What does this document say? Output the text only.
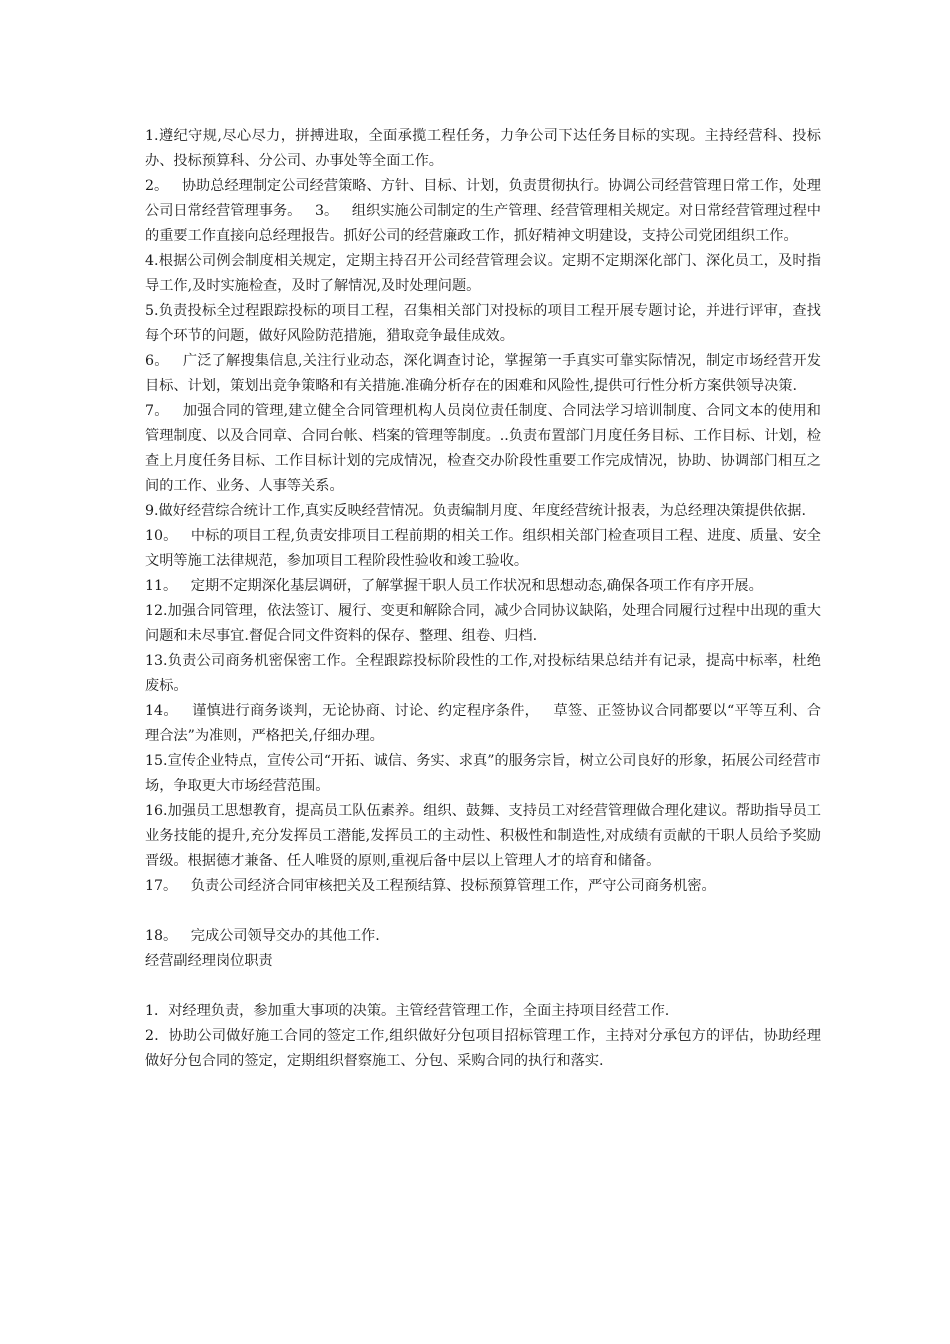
1.遵纪守规,尽心尽力，拼搏进取，全面承揽工程任务，力争公司下达任务目标的实现。主持经营科、投标办、投标预算科、分公司、办事处等全面工作。

2。   协助总经理制定公司经营策略、方针、目标、计划，负责贯彻执行。协调公司经营管理日常工作，处理公司日常经营管理事务。   3。   组织实施公司制定的生产管理、经营管理相关规定。对日常经营管理过程中的重要工作直接向总经理报告。抓好公司的经营廉政工作，抓好精神文明建设，支持公司党团组织工作。

4.根据公司例会制度相关规定，定期主持召开公司经营管理会议。定期不定期深化部门、深化员工，及时指导工作,及时实施检查，及时了解情况,及时处理问题。

5.负责投标全过程跟踪投标的项目工程，召集相关部门对投标的项目工程开展专题讨论，并进行评审，查找每个环节的问题，做好风险防范措施，猎取竞争最佳成效。

6。   广泛了解搜集信息,关注行业动态，深化调查讨论，掌握第一手真实可靠实际情况，制定市场经营开发目标、计划，策划出竞争策略和有关措施.准确分析存在的困难和风险性,提供可行性分析方案供领导决策.

7。   加强合同的管理,建立健全合同管理机构人员岗位责任制度、合同法学习培训制度、合同文本的使用和管理制度、以及合同章、合同台帐、档案的管理等制度。..负责布置部门月度任务目标、工作目标、计划，检查上月度任务目标、工作目标计划的完成情况，检查交办阶段性重要工作完成情况，协助、协调部门相互之间的工作、业务、人事等关系。

9.做好经营综合统计工作,真实反映经营情况。负责编制月度、年度经营统计报表，为总经理决策提供依据.

10。   中标的项目工程,负责安排项目工程前期的相关工作。组织相关部门检查项目工程、进度、质量、安全文明等施工法律规范，参加项目工程阶段性验收和竣工验收。

11。   定期不定期深化基层调研，了解掌握干职人员工作状况和思想动态,确保各项工作有序开展。

12.加强合同管理，依法签订、履行、变更和解除合同，减少合同协议缺陷，处理合同履行过程中出现的重大问题和未尽事宜.督促合同文件资料的保存、整理、组卷、归档.

13.负责公司商务机密保密工作。全程跟踪投标阶段性的工作,对投标结果总结并有记录，提高中标率，杜绝废标。

14。   谨慎进行商务谈判，无论协商、讨论、约定程序条件，   草签、正签协议合同都要以“平等互利、合理合法”为准则，严格把关,仔细办理。

15.宣传企业特点，宣传公司“开拓、诚信、务实、求真”的服务宗旨，树立公司良好的形象，拓展公司经营市场，争取更大市场经营范围。

16.加强员工思想教育，提高员工队伍素养。组织、鼓舞、支持员工对经营管理做合理化建议。帮助指导员工业务技能的提升,充分发挥员工潜能,发挥员工的主动性、积极性和制造性,对成绩有贡献的干职人员给予奖励晋级。根据德才兼备、任人唯贤的原则,重视后备中层以上管理人才的培育和储备。

17。   负责公司经济合同审核把关及工程预结算、投标预算管理工作，严守公司商务机密。

18。   完成公司领导交办的其他工作.

经营副经理岗位职责

1．对经理负责，参加重大事项的决策。主管经营管理工作，全面主持项目经营工作.

2．协助公司做好施工合同的签定工作,组织做好分包项目招标管理工作，主持对分承包方的评估，协助经理做好分包合同的签定，定期组织督察施工、分包、采购合同的执行和落实.
